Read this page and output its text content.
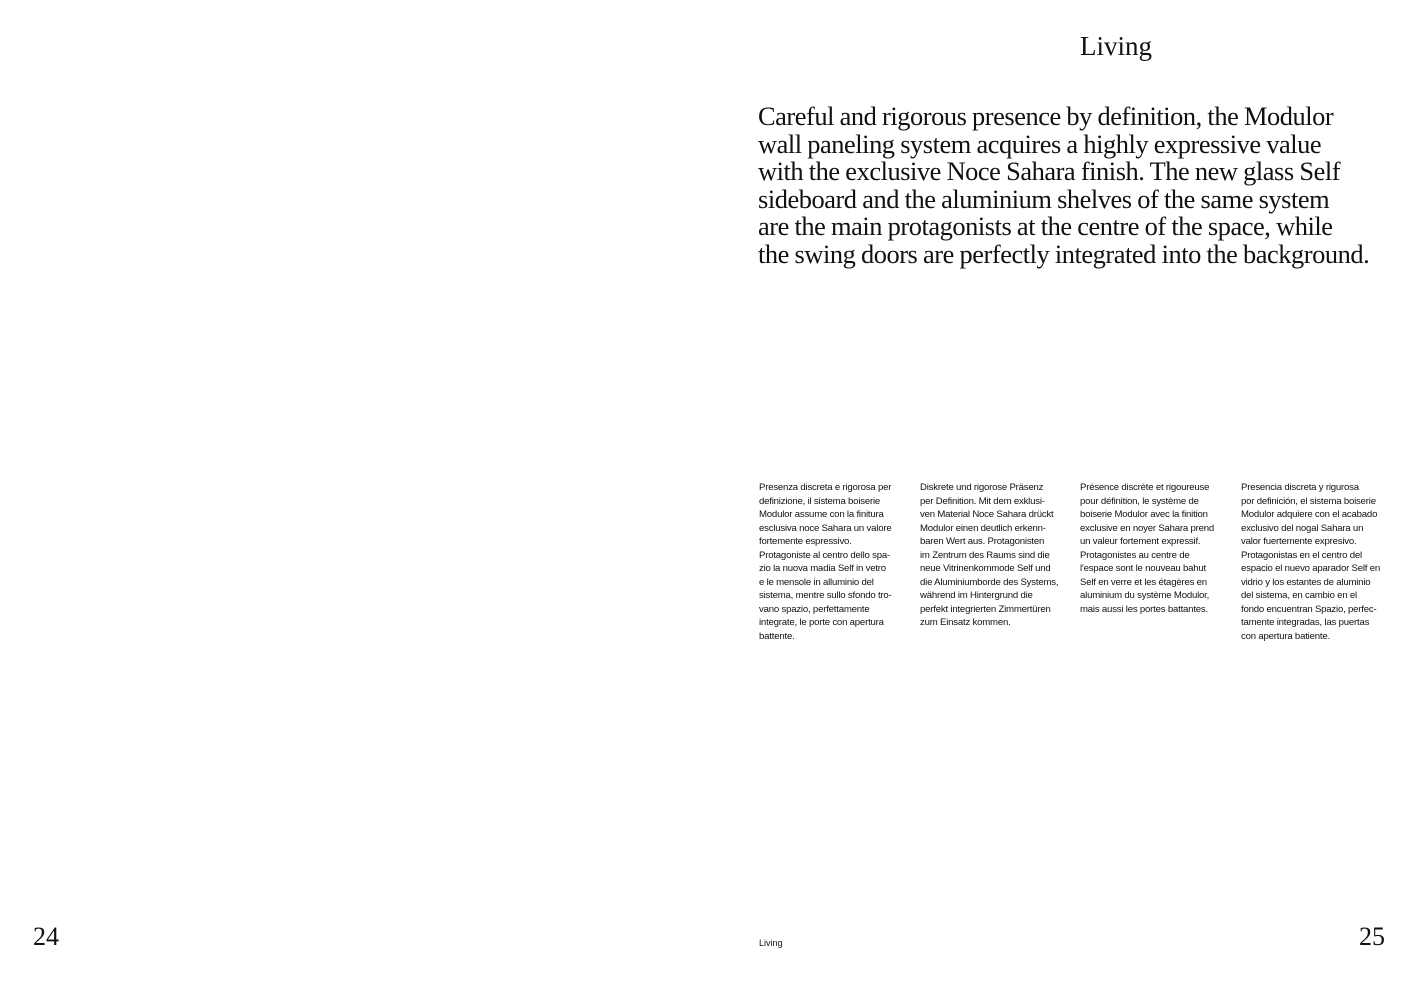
Living

Careful and rigorous presence by definition, the Modulor
wall paneling system acquires a highly expressive value
with the exclusive Noce Sahara finish. The new glass Self
sideboard and the aluminium shelves of the same system
are the main protagonists at the centre of the space, while
the swing doors are perfectly integrated into the background.

Presenza discreta e rigorosa per
definizione, il sistema boiserie
Modulor assume con la finitura
esclusiva noce Sahara un valore
fortemente espressivo.
Protagoniste al centro dello spa-
zio la nuova madia Self in vetro
e le mensole in alluminio del
sistema, mentre sullo sfondo tro-
vano spazio, perfettamente
integrate, le porte con apertura
battente.
Diskrete und rigorose Präsenz
per Definition. Mit dem exklusi-
ven Material Noce Sahara drückt
Modulor einen deutlich erkenn-
baren Wert aus. Protagonisten
im Zentrum des Raums sind die
neue Vitrinenkommode Self und
die Aluminiumborde des Systems,
während im Hintergrund die
perfekt integrierten Zimmertüren
zum Einsatz kommen.
Présence discrète et rigoureuse
pour définition, le système de
boiserie Modulor avec la finition
exclusive en noyer Sahara prend
un valeur fortement expressif.
Protagonistes au centre de
l'espace sont le nouveau bahut
Self en verre et les étagères en
aluminium du système Modulor,
mais aussi les portes battantes.
Presencia discreta y rigurosa
por definición, el sistema boiserie
Modulor adquiere con el acabado
exclusivo del nogal Sahara un
valor fuertemente expresivo.
Protagonistas en el centro del
espacio el nuevo aparador Self en
vidrio y los estantes de aluminio
del sistema, en cambio en el
fondo encuentran Spazio, perfec-
tamente integradas, las puertas
con apertura batiente.
24	Living	25
